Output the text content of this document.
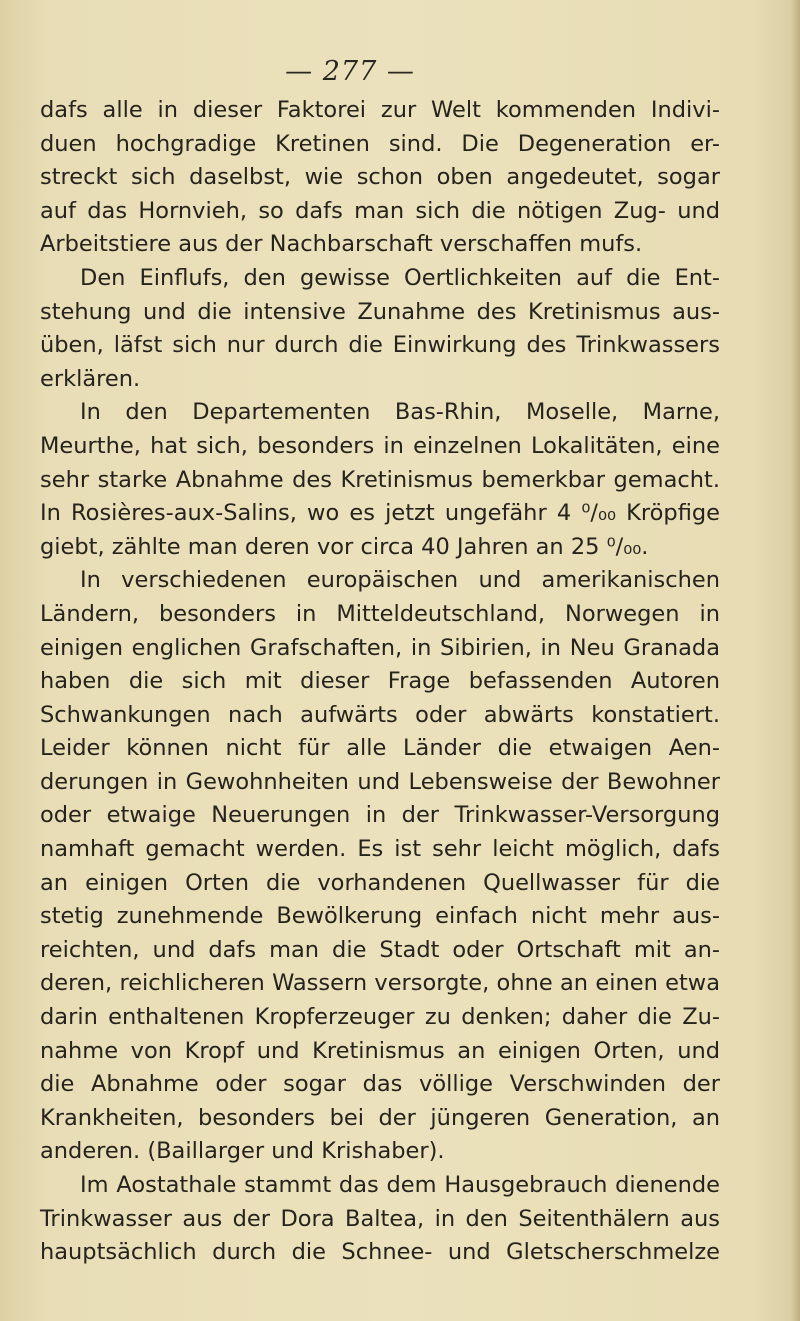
— 277 —
dafs alle in dieser Faktorei zur Welt kommenden Indivi-
duen hochgradige Kretinen sind. Die Degeneration er-
streckt sich daselbst, wie schon oben angedeutet, sogar
auf das Hornvieh, so dafs man sich die nötigen Zug- und
Arbeitstiere aus der Nachbarschaft verschaffen mufs.
Den Einflufs, den gewisse Oertlichkeiten auf die Ent-
stehung und die intensive Zunahme des Kretinismus aus-
üben, läfst sich nur durch die Einwirkung des Trinkwassers
erklären.
In den Departementen Bas-Rhin, Moselle, Marne,
Meurthe, hat sich, besonders in einzelnen Lokalitäten, eine
sehr starke Abnahme des Kretinismus bemerkbar gemacht.
In Rosières-aux-Salins, wo es jetzt ungefähr 4 ⁰/₀₀ Kröpfige
giebt, zählte man deren vor circa 40 Jahren an 25 ⁰/₀₀.
In verschiedenen europäischen und amerikanischen
Ländern, besonders in Mitteldeutschland, Norwegen in
einigen englichen Grafschaften, in Sibirien, in Neu Granada
haben die sich mit dieser Frage befassenden Autoren
Schwankungen nach aufwärts oder abwärts konstatiert.
Leider können nicht für alle Länder die etwaigen Aen-
derungen in Gewohnheiten und Lebensweise der Bewohner
oder etwaige Neuerungen in der Trinkwasser-Versorgung
namhaft gemacht werden. Es ist sehr leicht möglich, dafs
an einigen Orten die vorhandenen Quellwasser für die
stetig zunehmende Bewölkerung einfach nicht mehr aus-
reichten, und dafs man die Stadt oder Ortschaft mit an-
deren, reichlicheren Wassern versorgte, ohne an einen etwa
darin enthaltenen Kropferzeuger zu denken; daher die Zu-
nahme von Kropf und Kretinismus an einigen Orten, und
die Abnahme oder sogar das völlige Verschwinden der
Krankheiten, besonders bei der jüngeren Generation, an
anderen. (Baillarger und Krishaber).
Im Aostathale stammt das dem Hausgebrauch dienende
Trinkwasser aus der Dora Baltea, in den Seitenthälern aus
hauptsächlich durch die Schnee- und Gletscherschmelze
